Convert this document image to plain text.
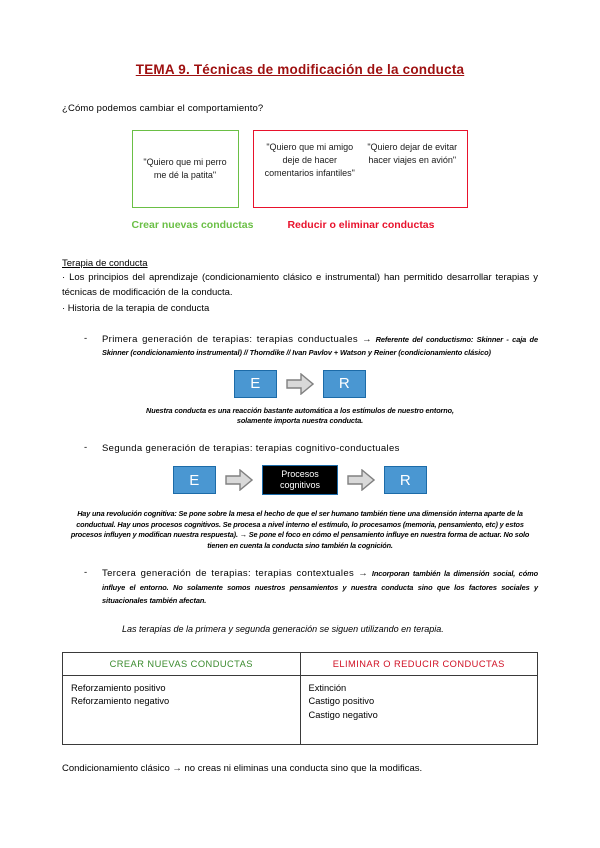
TEMA 9. Técnicas de modificación de la conducta
¿Cómo podemos cambiar el comportamiento?
"Quiero que mi perro me dé la patita"
Crear nuevas conductas
"Quiero que mi amigo deje de hacer comentarios infantiles"
"Quiero dejar de evitar hacer viajes en avión"
Reducir o eliminar conductas
Terapia de conducta
· Los principios del aprendizaje (condicionamiento clásico e instrumental) han permitido desarrollar terapias y técnicas de modificación de la conducta.
· Historia de la terapia de conducta
- Primera generación de terapias: terapias conductuales → Referente del conductismo: Skinner - caja de Skinner (condicionamiento instrumental) // Thorndike // Ivan Pavlov + Watson y Reiner (condicionamiento clásico)
E	R
Nuestra conducta es una reacción bastante automática a los estímulos de nuestro entorno, solamente importa nuestra conducta.
- Segunda generación de terapias: terapias cognitivo-conductuales
E	Procesos
cognitivos	R
Hay una revolución cognitiva: Se pone sobre la mesa el hecho de que el ser humano también tiene una dimensión interna aparte de la conductual. Hay unos procesos cognitivos. Se procesa a nivel interno el estímulo, lo procesamos (memoria, pensamiento, etc) y estos procesos influyen y modifican nuestra respuesta). → Se pone el foco en cómo el pensamiento influye en nuestra forma de actuar. No solo tienen en cuenta la conducta sino también la cognición.
- Tercera generación de terapias: terapias contextuales → Incorporan también la dimensión social, cómo influye el entorno. No solamente somos nuestros pensamientos y nuestra conducta sino que los factores sociales y situacionales también afectan.
Las terapias de la primera y segunda generación se siguen utilizando en terapia.
CREAR NUEVAS CONDUCTAS	ELIMINAR O REDUCIR CONDUCTAS

Reforzamiento positivo
Reforzamiento negativo

Extinción
Castigo positivo
Castigo negativo
Condicionamiento clásico → no creas ni eliminas una conducta sino que la modificas.
